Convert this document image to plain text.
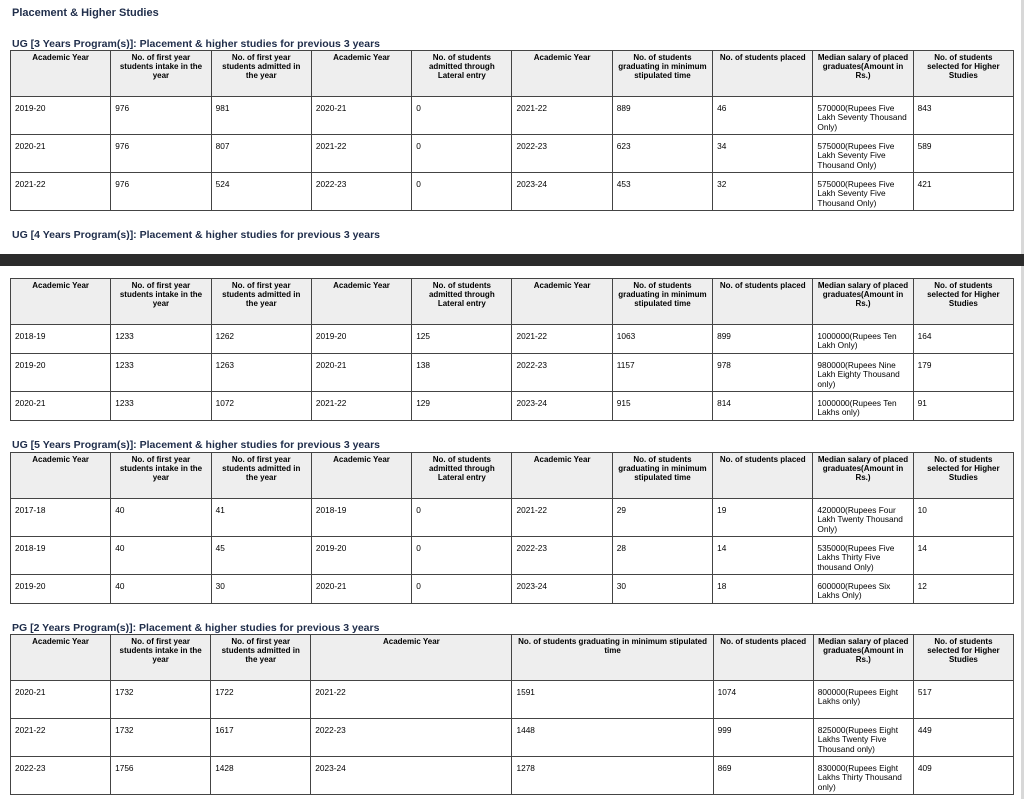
Placement & Higher Studies
UG [3 Years Program(s)]: Placement & higher studies for previous 3 years
Academic Year	No. of first year students intake in the year	No. of first year students admitted in the year	Academic Year	No. of students admitted through Lateral entry	Academic Year	No. of students graduating in minimum stipulated time	No. of students placed	Median salary of placed graduates(Amount in Rs.)	No. of students selected for Higher Studies
2019-20	976	981	2020-21	0	2021-22	889	46	570000(Rupees Five Lakh Seventy Thousand Only)	843
2020-21	976	807	2021-22	0	2022-23	623	34	575000(Rupees Five Lakh Seventy Five Thousand Only)	589
2021-22	976	524	2022-23	0	2023-24	453	32	575000(Rupees Five Lakh Seventy Five Thousand Only)	421
UG [4 Years Program(s)]: Placement & higher studies for previous 3 years
Academic Year	No. of first year students intake in the year	No. of first year students admitted in the year	Academic Year	No. of students admitted through Lateral entry	Academic Year	No. of students graduating in minimum stipulated time	No. of students placed	Median salary of placed graduates(Amount in Rs.)	No. of students selected for Higher Studies
2018-19	1233	1262	2019-20	125	2021-22	1063	899	1000000(Rupees Ten Lakh Only)	164
2019-20	1233	1263	2020-21	138	2022-23	1157	978	980000(Rupees Nine Lakh Eighty Thousand only)	179
2020-21	1233	1072	2021-22	129	2023-24	915	814	1000000(Rupees Ten Lakhs only)	91
UG [5 Years Program(s)]: Placement & higher studies for previous 3 years
Academic Year	No. of first year students intake in the year	No. of first year students admitted in the year	Academic Year	No. of students admitted through Lateral entry	Academic Year	No. of students graduating in minimum stipulated time	No. of students placed	Median salary of placed graduates(Amount in Rs.)	No. of students selected for Higher Studies
2017-18	40	41	2018-19	0	2021-22	29	19	420000(Rupees Four Lakh Twenty Thousand Only)	10
2018-19	40	45	2019-20	0	2022-23	28	14	535000(Rupees Five Lakhs Thirty Five thousand Only)	14
2019-20	40	30	2020-21	0	2023-24	30	18	600000(Rupees Six Lakhs Only)	12
PG [2 Years Program(s)]: Placement & higher studies for previous 3 years
Academic Year	No. of first year students intake in the year	No. of first year students admitted in the year	Academic Year	No. of students graduating in minimum stipulated time	No. of students placed	Median salary of placed graduates(Amount in Rs.)	No. of students selected for Higher Studies
2020-21	1732	1722	2021-22	1591	1074	800000(Rupees Eight Lakhs only)	517
2021-22	1732	1617	2022-23	1448	999	825000(Rupees Eight Lakhs Twenty Five Thousand only)	449
2022-23	1756	1428	2023-24	1278	869	830000(Rupees Eight Lakhs Thirty Thousand only)	409
